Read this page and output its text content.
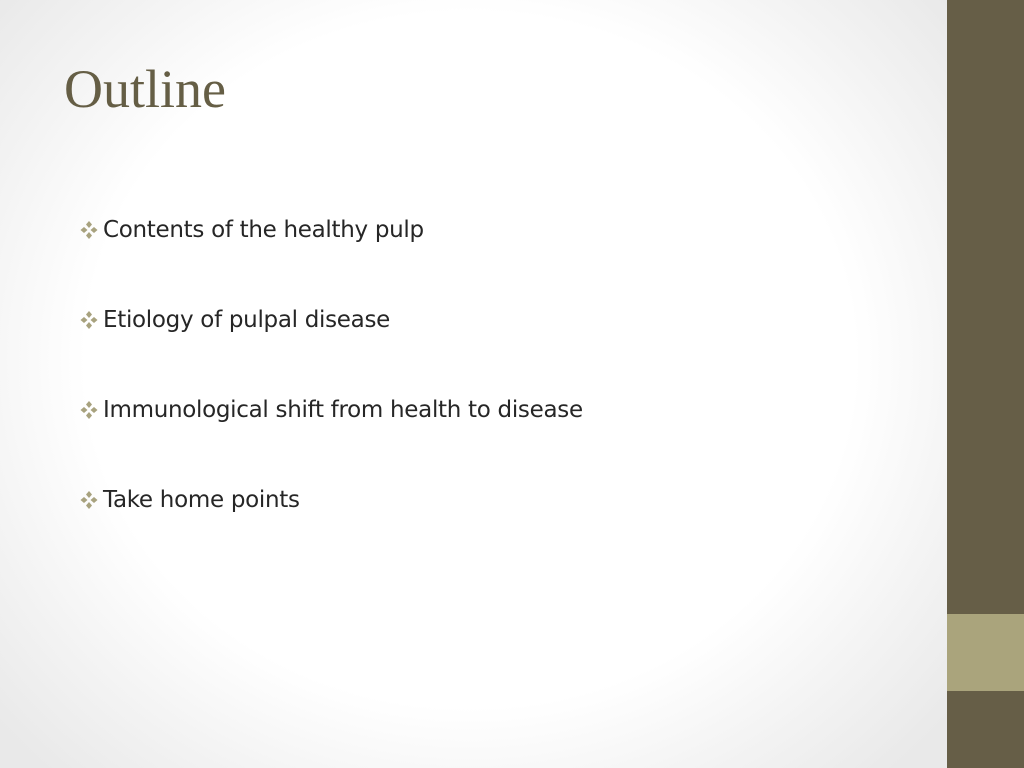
Outline
Contents of the healthy pulp
Etiology of pulpal disease
Immunological shift from health to disease
Take home points
